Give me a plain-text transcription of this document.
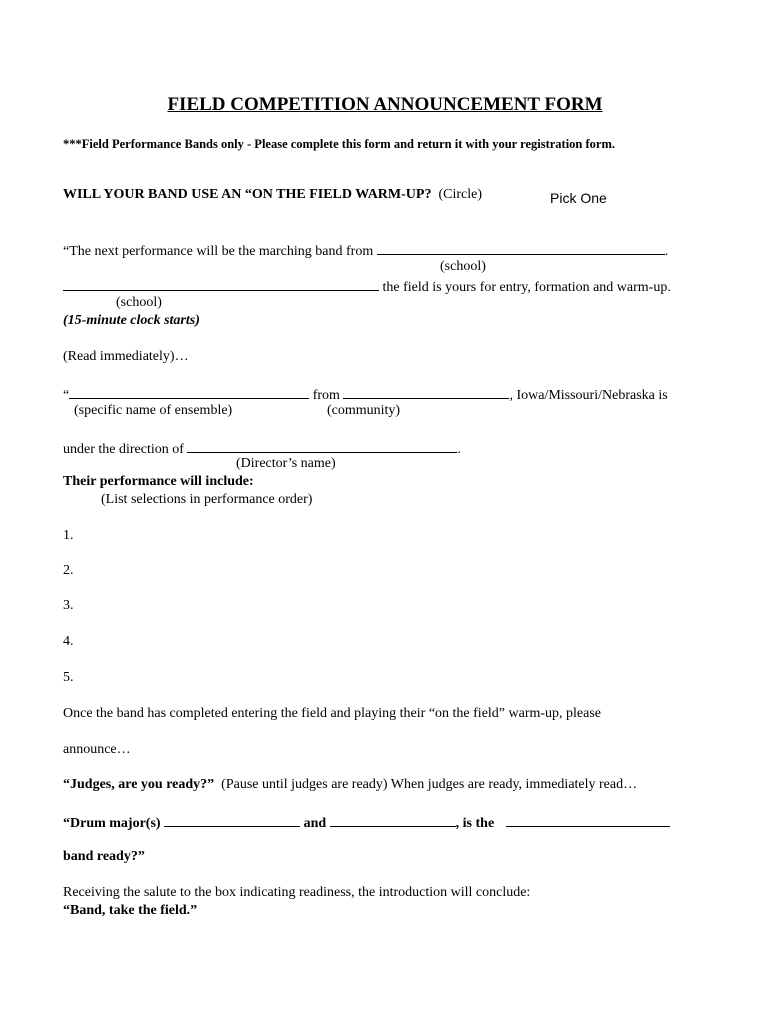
FIELD COMPETITION ANNOUNCEMENT FORM
***Field Performance Bands only - Please complete this form and return it with your registration form.
WILL YOUR BAND USE AN “ON THE FIELD WARM-UP? (Circle)	Pick One
“The next performance will be the marching band from	.
(school)
the field is yours for entry, formation and warm-up.
(school)
(15-minute clock starts)
(Read immediately)…
“	from	, Iowa/Missouri/Nebraska is
(specific name of ensemble)	(community)
under the direction of	.
(Director’s name)
Their performance will include:
(List selections in performance order)
1.
2.
3.
4.
5.
Once the band has completed entering the field and playing their “on the field” warm-up, please
announce…
“Judges, are you ready?” (Pause until judges are ready) When judges are ready, immediately read…
“Drum major(s)	and	, is the
band ready?”
Receiving the salute to the box indicating readiness, the introduction will conclude:
“Band, take the field.”
